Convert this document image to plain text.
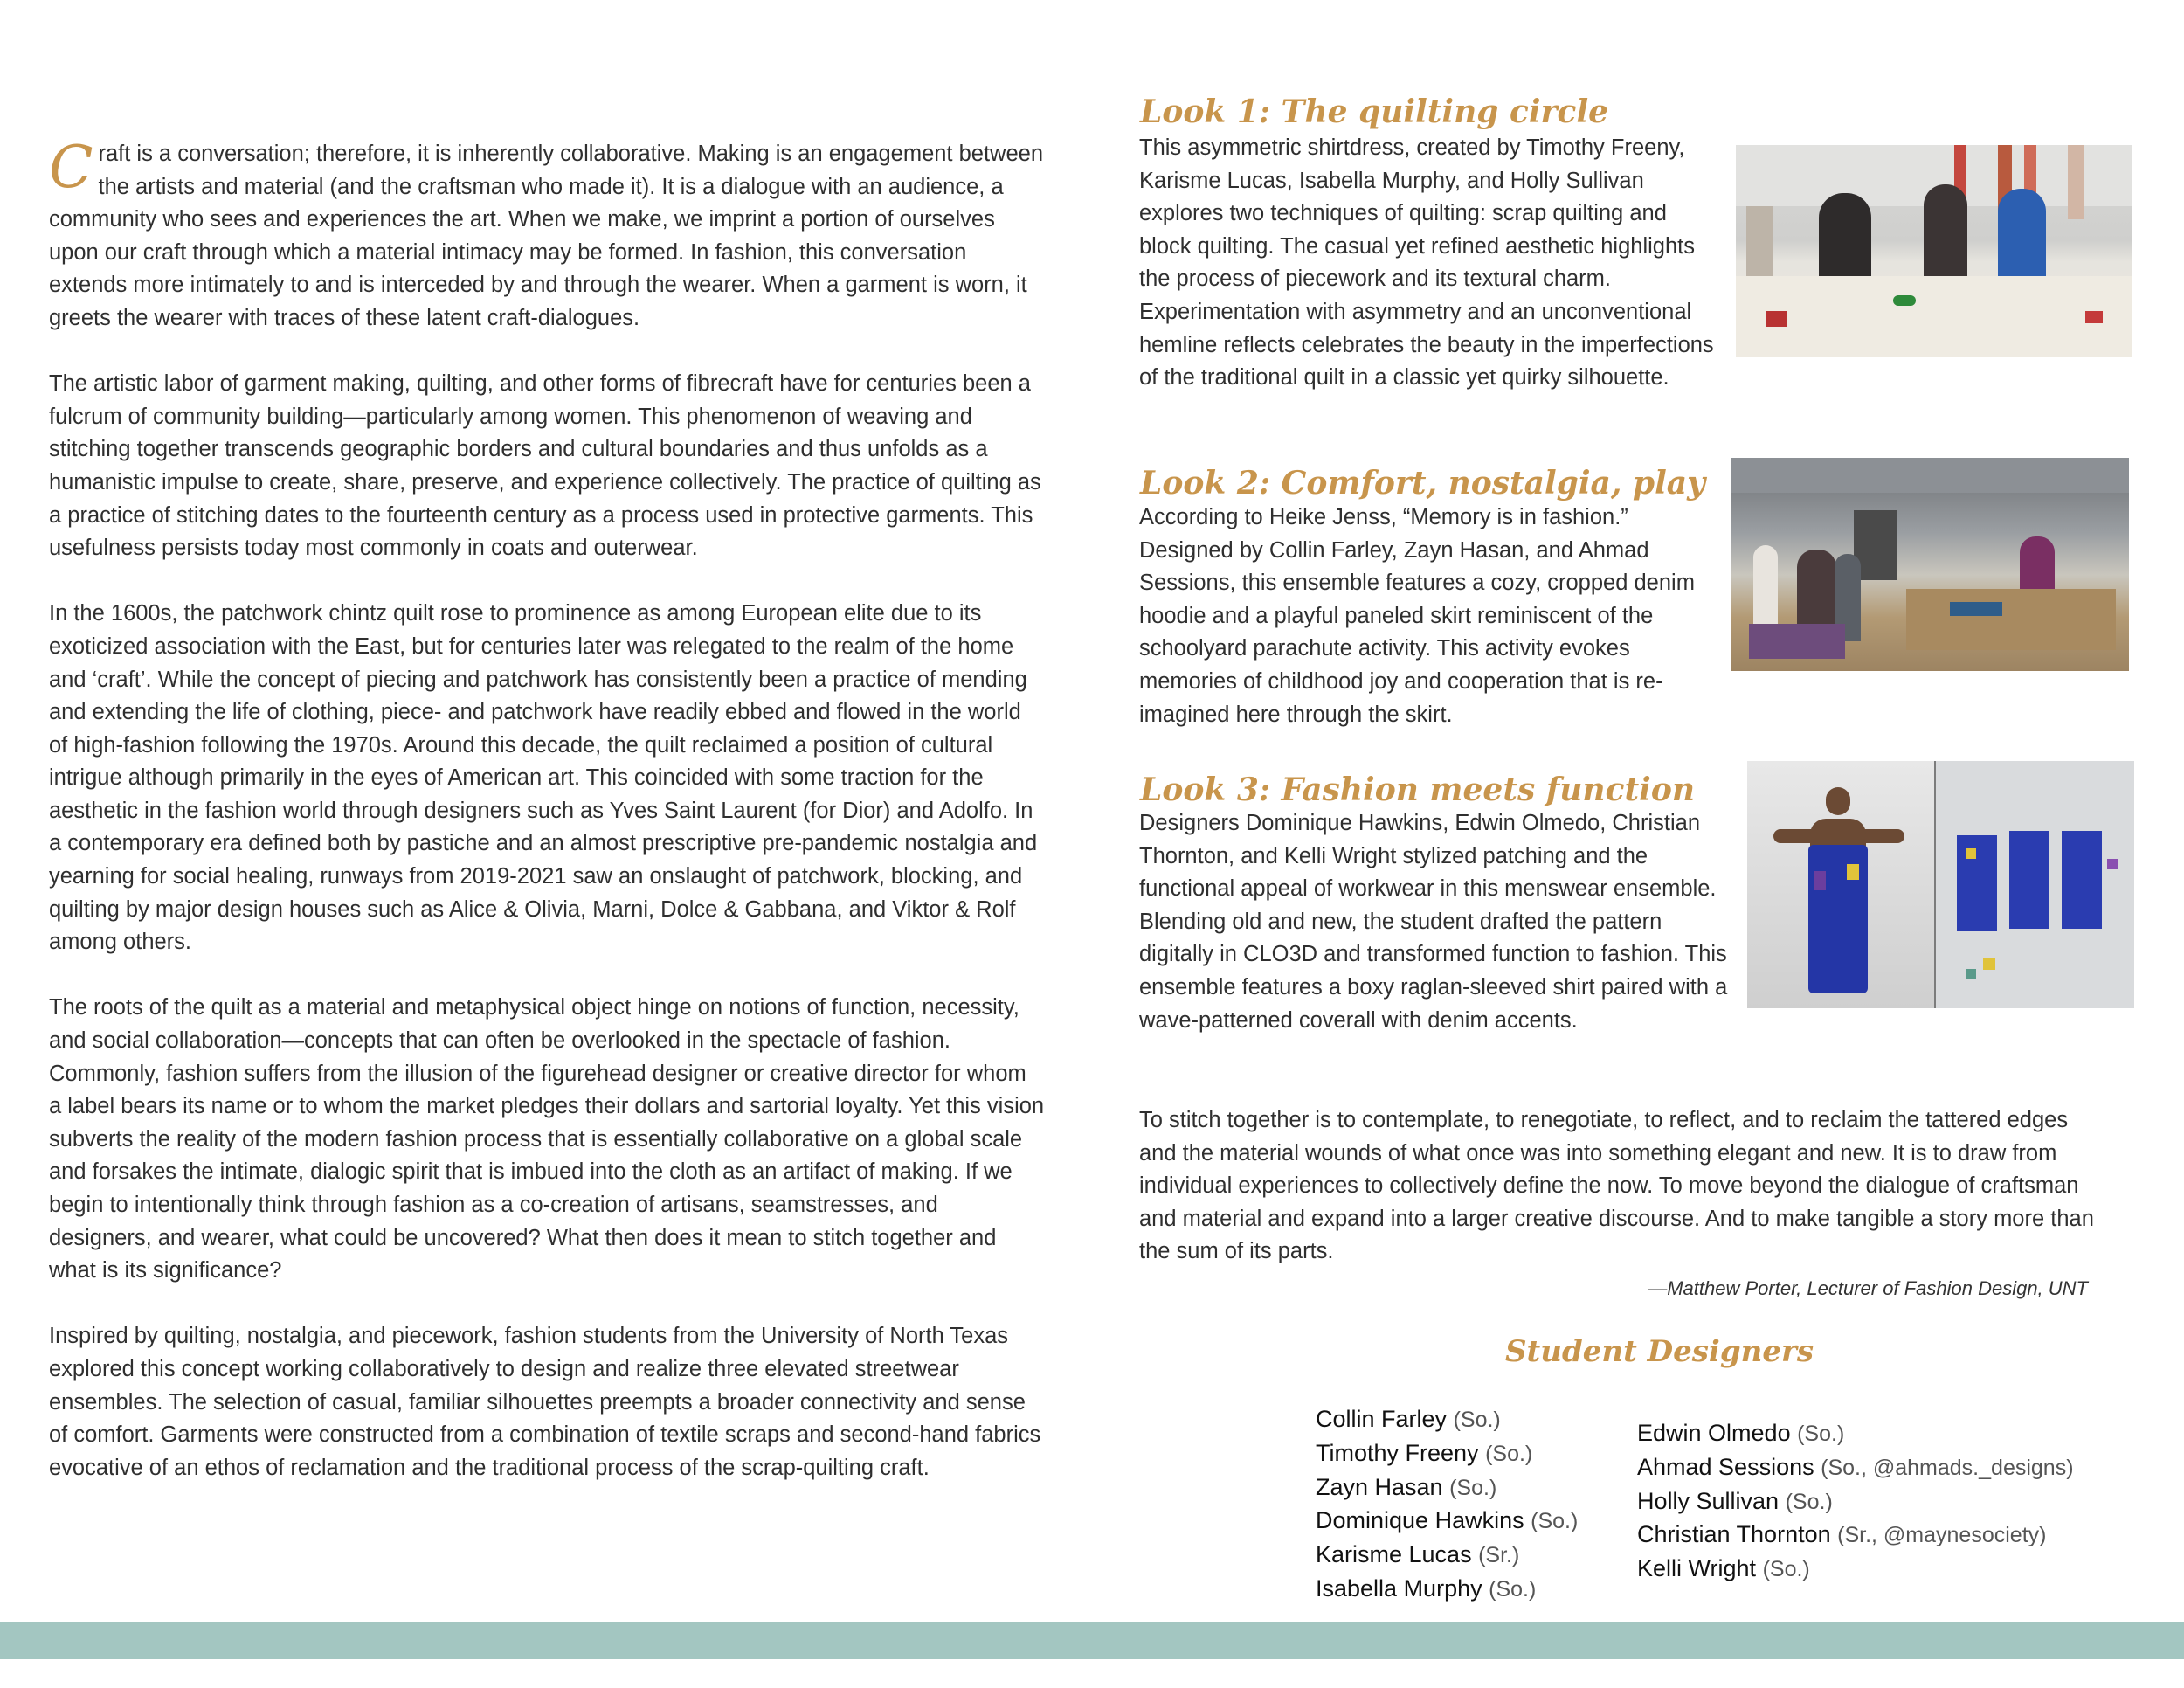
Craft is a conversation; therefore, it is inherently collaborative. Making is an engagement between the artists and material (and the craftsman who made it). It is a dialogue with an audience, a community who sees and experiences the art. When we make, we imprint a portion of ourselves upon our craft through which a material intimacy may be formed. In fashion, this conversation extends more intimately to and is interceded by and through the wearer. When a garment is worn, it greets the wearer with traces of these latent craft-dialogues.

The artistic labor of garment making, quilting, and other forms of fibrecraft have for centuries been a fulcrum of community building—particularly among women. This phenomenon of weaving and stitching together transcends geographic borders and cultural boundaries and thus unfolds as a humanistic impulse to create, share, preserve, and experience collectively. The practice of quilting as a practice of stitching dates to the fourteenth century as a process used in protective garments. This usefulness persists today most commonly in coats and outerwear.

In the 1600s, the patchwork chintz quilt rose to prominence as among European elite due to its exoticized association with the East, but for centuries later was relegated to the realm of the home and ‘craft’. While the concept of piecing and patchwork has consistently been a practice of mending and extending the life of clothing, piece- and patchwork have readily ebbed and flowed in the world of high-fashion following the 1970s. Around this decade, the quilt reclaimed a position of cultural intrigue although primarily in the eyes of American art. This coincided with some traction for the aesthetic in the fashion world through designers such as Yves Saint Laurent (for Dior) and Adolfo. In a contemporary era defined both by pastiche and an almost prescriptive pre-pandemic nostalgia and yearning for social healing, runways from 2019-2021 saw an onslaught of patchwork, blocking, and quilting by major design houses such as Alice & Olivia, Marni, Dolce & Gabbana, and Viktor & Rolf among others.

The roots of the quilt as a material and metaphysical object hinge on notions of function, necessity, and social collaboration—concepts that can often be overlooked in the spectacle of fashion. Commonly, fashion suffers from the illusion of the figurehead designer or creative director for whom a label bears its name or to whom the market pledges their dollars and sartorial loyalty. Yet this vision subverts the reality of the modern fashion process that is essentially collaborative on a global scale and forsakes the intimate, dialogic spirit that is imbued into the cloth as an artifact of making. If we begin to intentionally think through fashion as a co-creation of artisans, seamstresses, and designers, and wearer, what could be uncovered? What then does it mean to stitch together and what is its significance?

Inspired by quilting, nostalgia, and piecework, fashion students from the University of North Texas explored this concept working collaboratively to design and realize three elevated streetwear ensembles. The selection of casual, familiar silhouettes preempts a broader connectivity and sense of comfort. Garments were constructed from a combination of textile scraps and second-hand fabrics evocative of an ethos of reclamation and the traditional process of the scrap-quilting craft.

Look 1: The quilting circle

This asymmetric shirtdress, created by Timothy Freeny, Karisme Lucas, Isabella Murphy, and Holly Sullivan explores two techniques of quilting: scrap quilting and block quilting. The casual yet refined aesthetic highlights the process of piecework and its textural charm. Experimentation with asymmetry and an unconventional hemline reflects celebrates the beauty in the imperfections of the traditional quilt in a classic yet quirky silhouette.

Look 2: Comfort, nostalgia, play

According to Heike Jenss, “Memory is in fashion.” Designed by Collin Farley, Zayn Hasan, and Ahmad Sessions, this ensemble features a cozy, cropped denim hoodie and a playful paneled skirt reminiscent of the schoolyard parachute activity. This activity evokes memories of childhood joy and cooperation that is re-imagined here through the skirt.

Look 3: Fashion meets function

Designers Dominique Hawkins, Edwin Olmedo, Christian Thornton, and Kelli Wright stylized patching and the functional appeal of workwear in this menswear ensemble. Blending old and new, the student drafted the pattern digitally in CLO3D and transformed function to fashion. This ensemble features a boxy raglan-sleeved shirt paired with a wave-patterned coverall with denim accents.

To stitch together is to contemplate, to renegotiate, to reflect, and to reclaim the tattered edges and the material wounds of what once was into something elegant and new. It is to draw from individual experiences to collectively define the now. To move beyond the dialogue of craftsman and material and expand into a larger creative discourse. And to make tangible a story more than the sum of its parts.

—Matthew Porter, Lecturer of Fashion Design, UNT

Student Designers
Collin Farley (So.)
Timothy Freeny (So.)
Zayn Hasan (So.)
Dominique Hawkins (So.)
Karisme Lucas (Sr.)
Isabella Murphy (So.)
Edwin Olmedo (So.)
Ahmad Sessions (So., @ahmads._designs)
Holly Sullivan (So.)
Christian Thornton (Sr., @maynesociety)
Kelli Wright (So.)
